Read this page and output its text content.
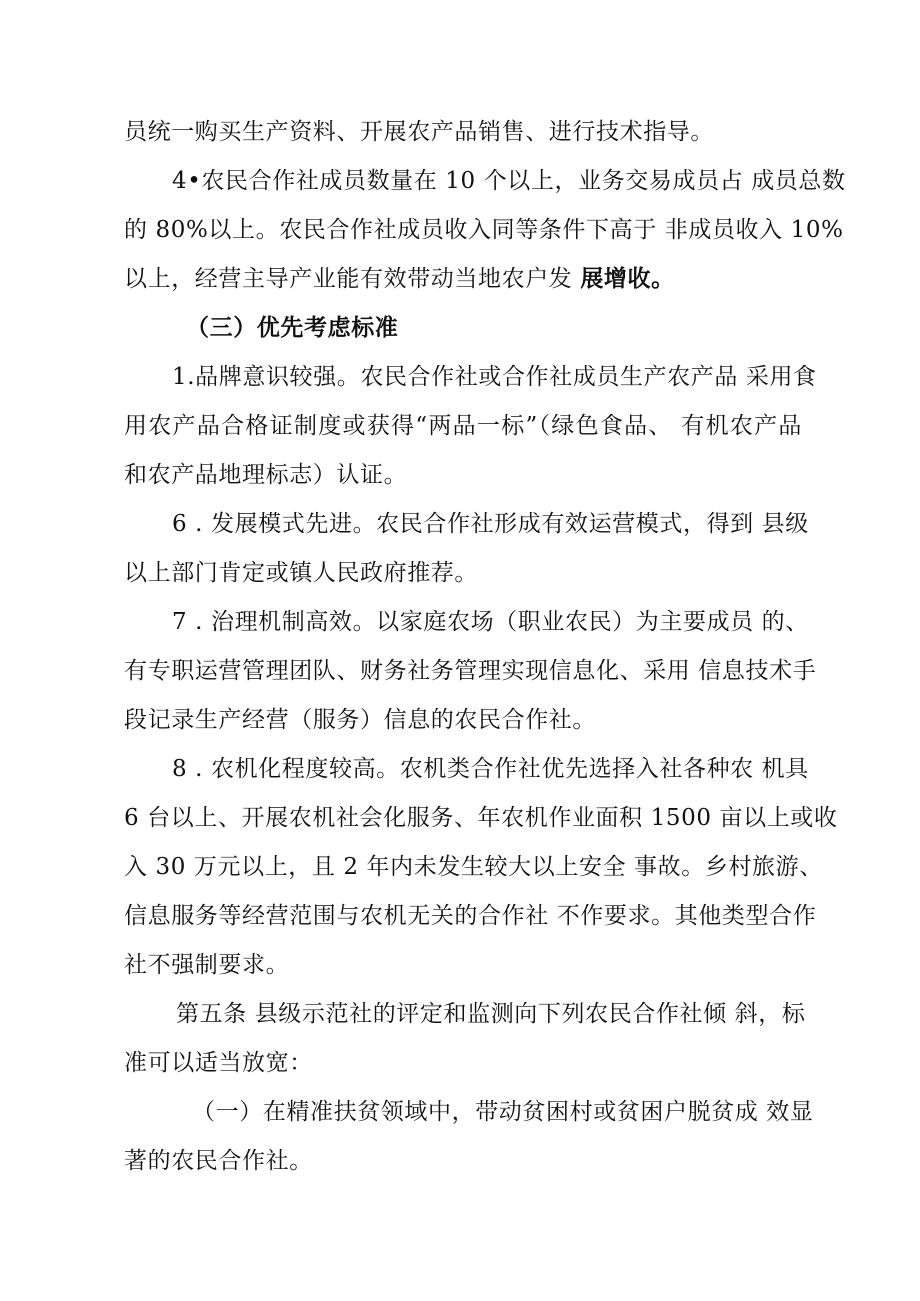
员统一购买生产资料、开展农产品销售、进行技术指导。
4•农民合作社成员数量在 10 个以上，业务交易成员占 成员总数
的 80%以上。农民合作社成员收入同等条件下高于 非成员收入 10%
以上，经营主导产业能有效带动当地农户发 展增收。
（三）优先考虑标准
1.品牌意识较强。农民合作社或合作社成员生产农产品 采用食
用农产品合格证制度或获得“两品一标”（绿色食品、 有机农产品
和农产品地理标志）认证。
6 . 发展模式先进。农民合作社形成有效运营模式，得到 县级
以上部门肯定或镇人民政府推荐。
7 . 治理机制高效。以家庭农场（职业农民）为主要成员 的、
有专职运营管理团队、财务社务管理实现信息化、采用 信息技术手
段记录生产经营（服务）信息的农民合作社。
8 . 农机化程度较高。农机类合作社优先选择入社各种农 机具
6 台以上、开展农机社会化服务、年农机作业面积 1500 亩以上或收
入 30 万元以上，且 2 年内未发生较大以上安全 事故。乡村旅游、
信息服务等经营范围与农机无关的合作社 不作要求。其他类型合作
社不强制要求。
第五条 县级示范社的评定和监测向下列农民合作社倾 斜，标
准可以适当放宽：
（一）在精准扶贫领域中，带动贫困村或贫困户脱贫成 效显
著的农民合作社。
